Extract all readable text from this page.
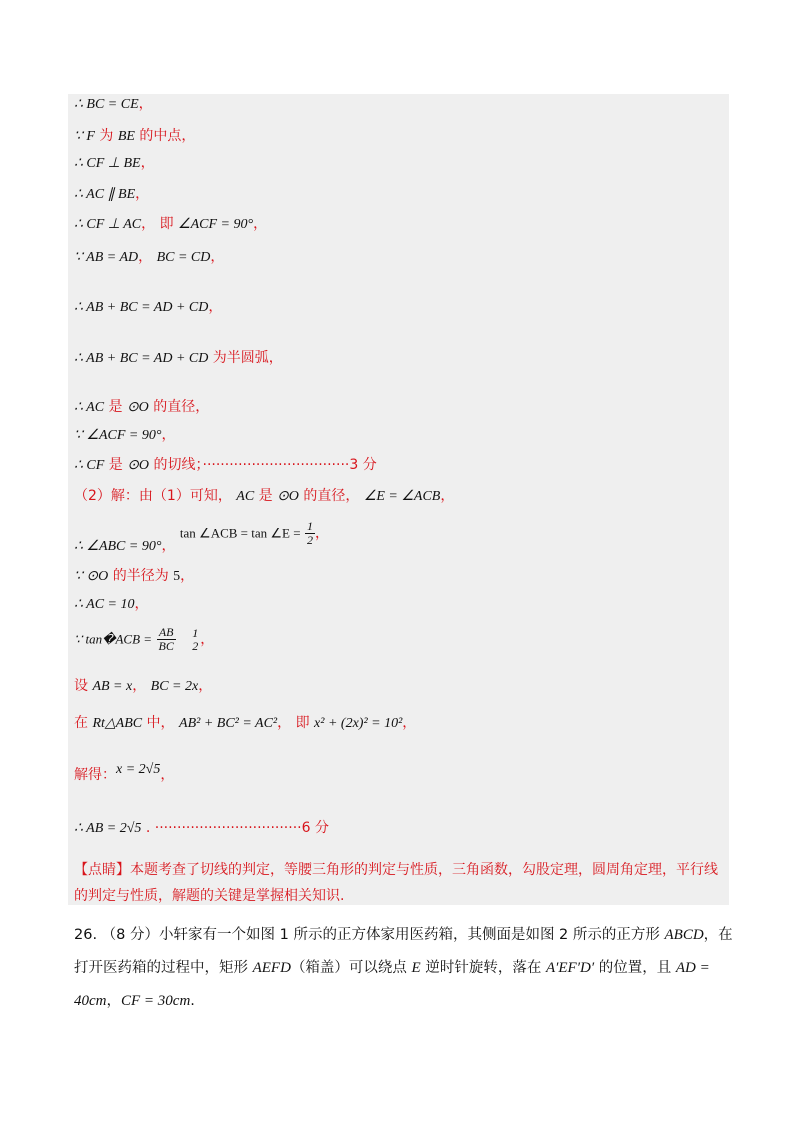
∴ BC = CE，
∵ F 为 BE 的中点，
∴ CF ⊥ BE，
∴ AC ∥ BE，
∴ CF ⊥ AC， 即 ∠ACF = 90°，
∵ AB = AD， BC = CD，
∴ AB + BC = AD + CD，
∴ AB + BC = AD + CD 为半圆弧，
∴ AC 是 ⊙O 的直径，
∵ ∠ACF = 90°，
∴ CF 是 ⊙O 的切线；·································3 分
（2）解：由（1）可知， AC 是 ⊙O 的直径， ∠E = ∠ACB，
∴ ∠ABC = 90°， tan ∠ACB = tan ∠E = $\frac{1}{2}$ ，
∵ ⊙O 的半径为 5，
∴ AC = 10，
∵ tan�ACB = $\frac{AB}{BC}$
1
2 ，
设 AB = x， BC = 2x，
在 Rt△ABC 中， AB² + BC² = AC²， 即 x² + (2x)² = 10²，
解得：x = 2√5，
∴ AB = 2√5 . ·································6 分
【点睛】本题考查了切线的判定，等腰三角形的判定与性质，三角函数，勾股定理，圆周角定理，平行线的判定与性质，解题的关键是掌握相关知识.
26. （8 分）小轩家有一个如图 1 所示的正方体家用医药箱，其侧面是如图 2 所示的正方形 ABCD，在打开医药箱的过程中，矩形 AEFD（箱盖）可以绕点 E 逆时针旋转，落在 A′EF′D′ 的位置，且 AD = 40cm，CF = 30cm.
